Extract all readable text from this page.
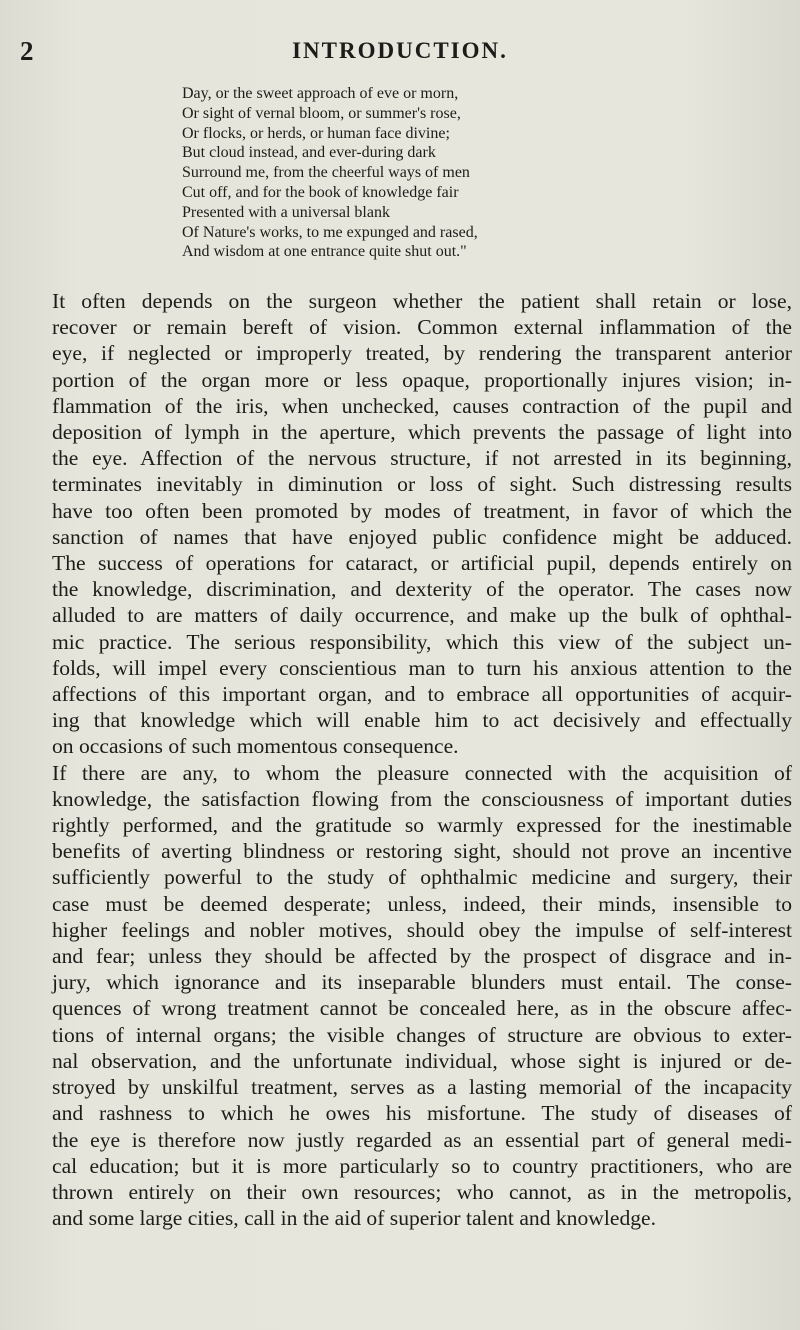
2	INTRODUCTION.
Day, or the sweet approach of eve or morn,
Or sight of vernal bloom, or summer's rose,
Or flocks, or herds, or human face divine;
But cloud instead, and ever-during dark
Surround me, from the cheerful ways of men
Cut off, and for the book of knowledge fair
Presented with a universal blank
Of Nature's works, to me expunged and rased,
And wisdom at one entrance quite shut out."
It often depends on the surgeon whether the patient shall retain or lose,
recover or remain bereft of vision. Common external inflammation of the
eye, if neglected or improperly treated, by rendering the transparent anterior
portion of the organ more or less opaque, proportionally injures vision; in-
flammation of the iris, when unchecked, causes contraction of the pupil and
deposition of lymph in the aperture, which prevents the passage of light into
the eye. Affection of the nervous structure, if not arrested in its beginning,
terminates inevitably in diminution or loss of sight. Such distressing results
have too often been promoted by modes of treatment, in favor of which the
sanction of names that have enjoyed public confidence might be adduced.
The success of operations for cataract, or artificial pupil, depends entirely on
the knowledge, discrimination, and dexterity of the operator. The cases now
alluded to are matters of daily occurrence, and make up the bulk of ophthal-
mic practice. The serious responsibility, which this view of the subject un-
folds, will impel every conscientious man to turn his anxious attention to the
affections of this important organ, and to embrace all opportunities of acquir-
ing that knowledge which will enable him to act decisively and effectually
on occasions of such momentous consequence.
If there are any, to whom the pleasure connected with the acquisition of
knowledge, the satisfaction flowing from the consciousness of important duties
rightly performed, and the gratitude so warmly expressed for the inestimable
benefits of averting blindness or restoring sight, should not prove an incentive
sufficiently powerful to the study of ophthalmic medicine and surgery, their
case must be deemed desperate; unless, indeed, their minds, insensible to
higher feelings and nobler motives, should obey the impulse of self-interest
and fear; unless they should be affected by the prospect of disgrace and in-
jury, which ignorance and its inseparable blunders must entail. The conse-
quences of wrong treatment cannot be concealed here, as in the obscure affec-
tions of internal organs; the visible changes of structure are obvious to exter-
nal observation, and the unfortunate individual, whose sight is injured or de-
stroyed by unskilful treatment, serves as a lasting memorial of the incapacity
and rashness to which he owes his misfortune. The study of diseases of
the eye is therefore now justly regarded as an essential part of general medi-
cal education; but it is more particularly so to country practitioners, who are
thrown entirely on their own resources; who cannot, as in the metropolis,
and some large cities, call in the aid of superior talent and knowledge.
